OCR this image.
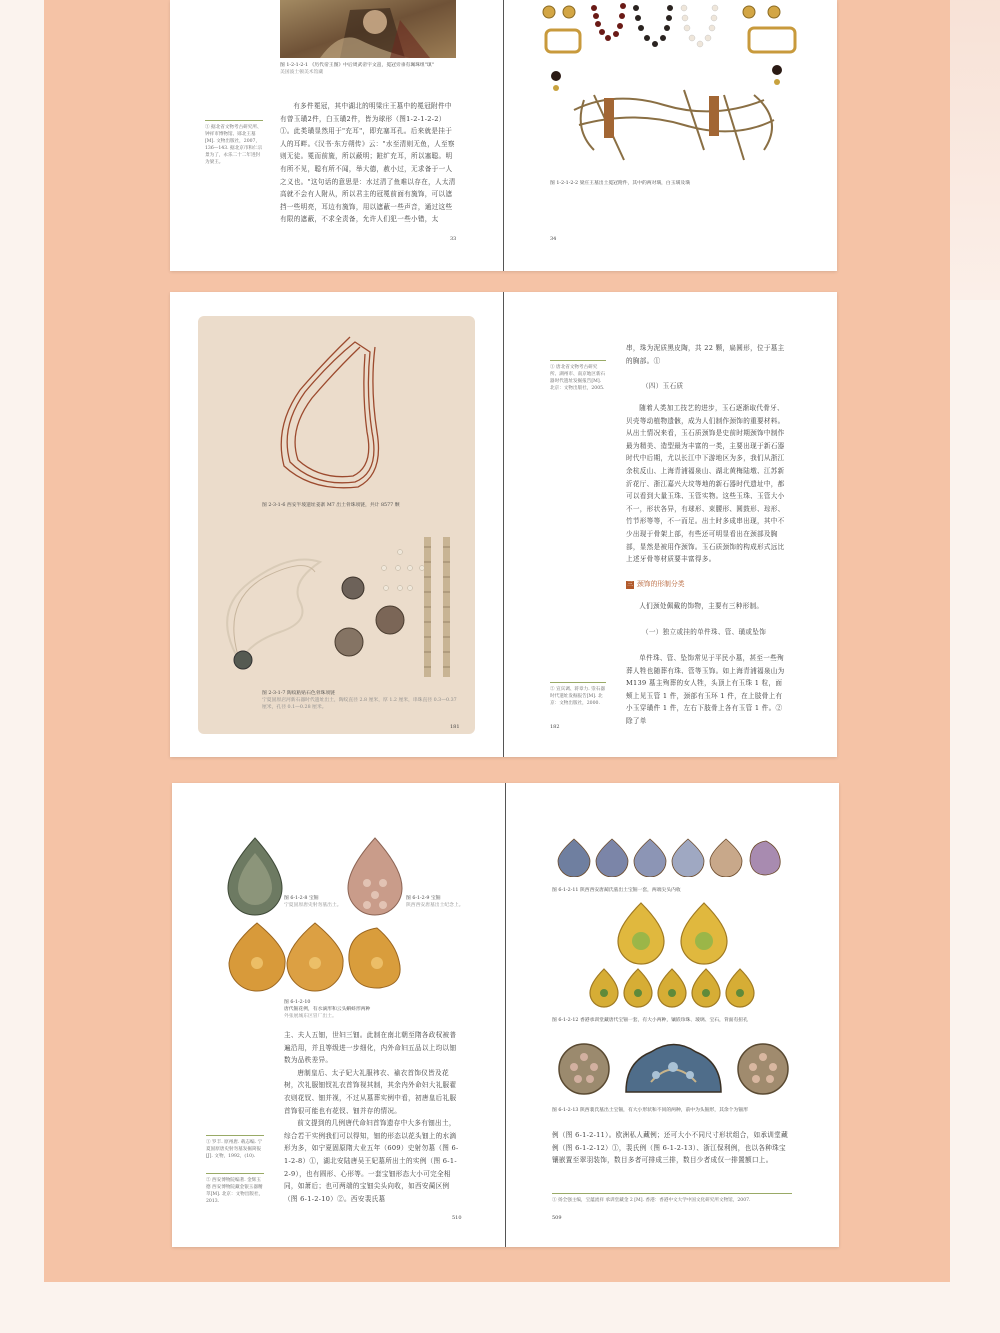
图 1-2-1-2-1 《历代帝王图》中后周武帝宇文邕，冕冠旁垂有珮珠组"瑱"
美国波士顿美术馆藏
① 据北省文物考古研究所、钟祥市博物馆、郧北王墓[M]. 文物出版社，2007，136—143. 据北京市和仁宗景为了，永乐二十二年进封为梁王。

有多件冕冠，其中湖北的明梁庄王墓中的冕冠附件中有曾玉璜2件，白玉璜2件，皆为球形（图1-2-1-2-2）①。此类璜显然用于"充耳"，即充塞耳孔。后来就是挂于人的耳畔。《汉书·东方朔传》云："水至清则无鱼，人至察则无徒。冕而前旒，所以蔽明；黈纩充耳，所以塞聪。明有所不见，聪有所不闻，举大德，赦小过，无求备于一人之义也。"这句话的意思是：水过清了鱼难以存在，人太清高就不会有人附从，所以君主的冠冕前面有旒饰，可以遮挡一些明亮，耳边有旒饰，用以遮蔽一些声音，通过这些有限的遮蔽，不求全责备，允许人们犯一些小错，太

33
图 1-2-1-2-2 梁庄王墓出土冕冠附件，其中的两对璜，白玉璜及璜
34
图 2-3-1-6 西安半坡遗址姜寨 M7 出土骨珠项链，共计 8577 颗
图 2-3-1-7 陶纹粘贴石色骨珠项链
宁夏固原店河新石器时代遗址出土，陶纹直径 2.8 厘米，厚 1.2 厘米，串珠直径 0.3—0.37 厘米，孔径 0.1—0.28 厘米。
181
① 唐北省文物考古研究所、湖州市、南京地区新石器时代遗址发掘报告[M]. 北京：文物出版社，2005.
② 宣宾调、蒋章力. 崇石器时代遗址发掘报告[M]. 北京：文物出版社，2000.

串，珠为泥质黑皮陶，共 22 颗，扁圆形，位于墓主的胸部。①

（四）玉石质

随着人类加工技艺的进步，玉石逐渐取代骨牙、贝壳等动植物遗骸，成为人们制作颈饰的重要材料。从出土情况来看，玉石质颈饰是史前时期颈饰中制作最为精美、造型最为丰富的一类，主要出现于新石器时代中后期，尤以长江中下游地区为多，我们从浙江余杭反山、上海青浦福泉山、湖北黄梅陆墩、江苏新沂花厅、浙江嘉兴大坟等地的新石器时代遗址中，都可以看到大量玉珠、玉管实物。这些玉珠、玉管大小不一，形状各异，有球形、束腰形、圆鼓形、琮形、竹节形等等，不一而足。出土时多成串出现，其中不少出现于骨架上部，有些还可明显看出在颈部及胸部，显然是被用作颈饰。玉石质颈饰的构成形式远比上述牙骨等材质要丰富得多。

三 颈饰的形制分类

人们颈处佩戴的饰物，主要有三种形制。

（一）独立或挂的单件珠、管、璜或坠饰

单件珠、管、坠饰常见于平民小墓，甚至一些殉葬人牲也随葬有珠、管等玉饰。如上海青浦福泉山为M139 墓主殉葬的女人牲，头顶上有玉珠 1 粒，面颊上见玉管 1 件，颈部有玉环 1 件，在上肢骨上有小玉穿璜件 1 件，左右下肢骨上各有玉管 1 件。②除了单

182
图 6-1-2-8 宝钿
宁夏固原唐史射勿墓出土。
图 6-1-2-9 宝钿
陕西西安唐墓出土纪念上。
图 6-1-2-10
唐代钿花例，有水滴形和云头蝌蚪形两种
外张展城东区冒厂出土。

主、夫人五钿，世妇三钿。此制在南北朝至隋各政权被普遍沿用，并且等级进一步细化，内外命妇五品以上均以钿数为品秩差异。

唐制皇后、太子妃大礼服袆衣、褕衣首饰仪皆及花树，次礼服钿钗礼衣首饰视其制，其余内外命妇大礼服翟衣则花钗、钿并视，不过从墓葬实例中看，初唐皇后礼服首饰很可能也有花钗、钿并存的情况。

前文提到的几例唐代命妇首饰遗存中大多有钿出土，综合若干实例我们可以得知，钿的形态以花头钿上的水滴形为多，如宁夏固原隋大业五年（609）史射勿墓（图 6-1-2-8）①，湖北安陆唐吴王妃墓所出土的实例（图 6-1-2-9），也有圆形、心形等。一套宝钿形态大小可完全相同，如萧后；也可两端的宝钿尖头向收，如西安蔺区例（图 6-1-2-10）②。西安裴氏墓

① 罗丰. 原州唐. 载志编. 宁夏固原唐史射勿墓发掘简报[J]. 文物，1992，(10).
② 西安博物院编著. 金辉玉德 西安博物院藏金银玉器精萃[M]. 北京：文物出版社，2013.
510
图 6-1-2-11 陕西西安唐蔺氏墓出土宝钿一套，两端尖头内收
图 6-1-2-12 香港承训堂藏唐代宝钿一套，有大小两种，镶嵌珍珠、玻璃、宝石，背面有扭孔
图 6-1-2-13 陕西裴氏墓出土宝钿，有大小形状和不同的两种，前中为头钿形，其余个为钿形

例（图 6-1-2-11）。欧洲私人藏例；还可大小不同尺寸形状组合，如承训堂藏例（图 6-1-2-12）①，裴氏例（图 6-1-2-13）、浙江保利例，也以各种珠宝镶嵌置至翠羽装饰，数目多者可排成三排，数目少者成仅一排置额口上。

① 扬全强主编，宝蕴流祥 承训堂藏金 2 [M]. 香港：香港中文大学中国文化研究所文物馆，2007.
509
